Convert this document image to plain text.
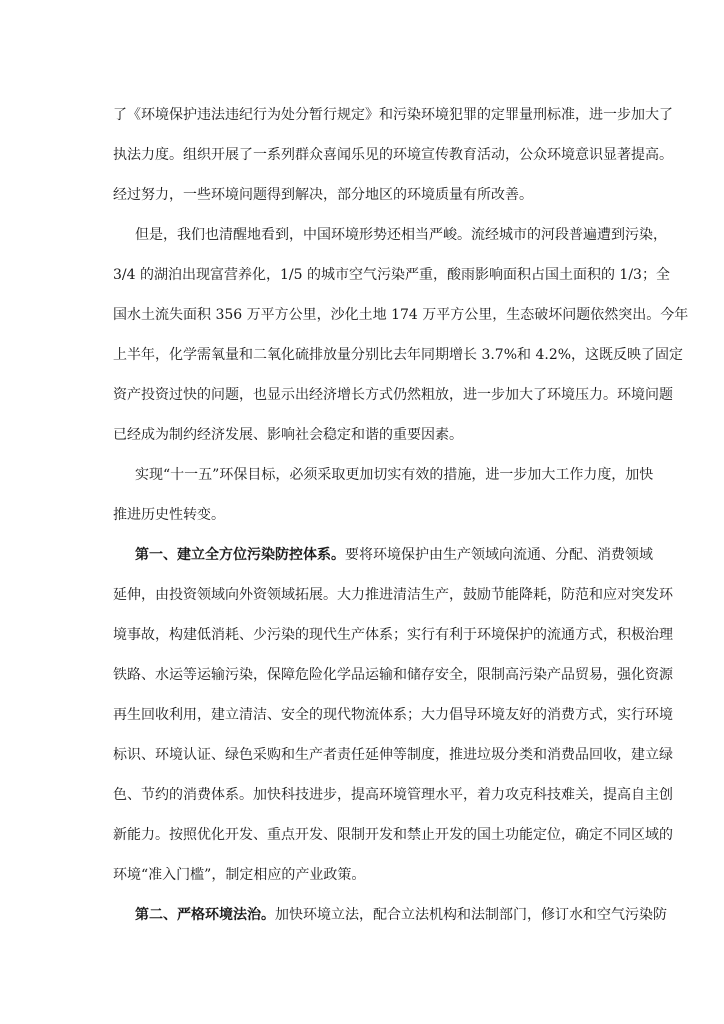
了《环境保护违法违纪行为处分暂行规定》和污染环境犯罪的定罪量刑标准，进一步加大了
执法力度。组织开展了一系列群众喜闻乐见的环境宣传教育活动，公众环境意识显著提高。
经过努力，一些环境问题得到解决，部分地区的环境质量有所改善。
但是，我们也清醒地看到，中国环境形势还相当严峻。流经城市的河段普遍遭到污染，
3/4 的湖泊出现富营养化，1/5 的城市空气污染严重，酸雨影响面积占国土面积的 1/3；全
国水土流失面积 356 万平方公里，沙化土地 174 万平方公里，生态破坏问题依然突出。今年
上半年，化学需氧量和二氧化硫排放量分别比去年同期增长 3.7%和 4.2%，这既反映了固定
资产投资过快的问题，也显示出经济增长方式仍然粗放，进一步加大了环境压力。环境问题
已经成为制约经济发展、影响社会稳定和谐的重要因素。
实现“十一五”环保目标，必须采取更加切实有效的措施，进一步加大工作力度，加快
推进历史性转变。
第一、建立全方位污染防控体系。要将环境保护由生产领域向流通、分配、消费领域
延伸，由投资领域向外资领域拓展。大力推进清洁生产，鼓励节能降耗，防范和应对突发环
境事故，构建低消耗、少污染的现代生产体系；实行有利于环境保护的流通方式，积极治理
铁路、水运等运输污染，保障危险化学品运输和储存安全，限制高污染产品贸易，强化资源
再生回收利用，建立清洁、安全的现代物流体系；大力倡导环境友好的消费方式，实行环境
标识、环境认证、绿色采购和生产者责任延伸等制度，推进垃圾分类和消费品回收，建立绿
色、节约的消费体系。加快科技进步，提高环境管理水平，着力攻克科技难关，提高自主创
新能力。按照优化开发、重点开发、限制开发和禁止开发的国土功能定位，确定不同区域的
环境“准入门槛”，制定相应的产业政策。
第二、严格环境法治。加快环境立法，配合立法机构和法制部门，修订水和空气污染防
